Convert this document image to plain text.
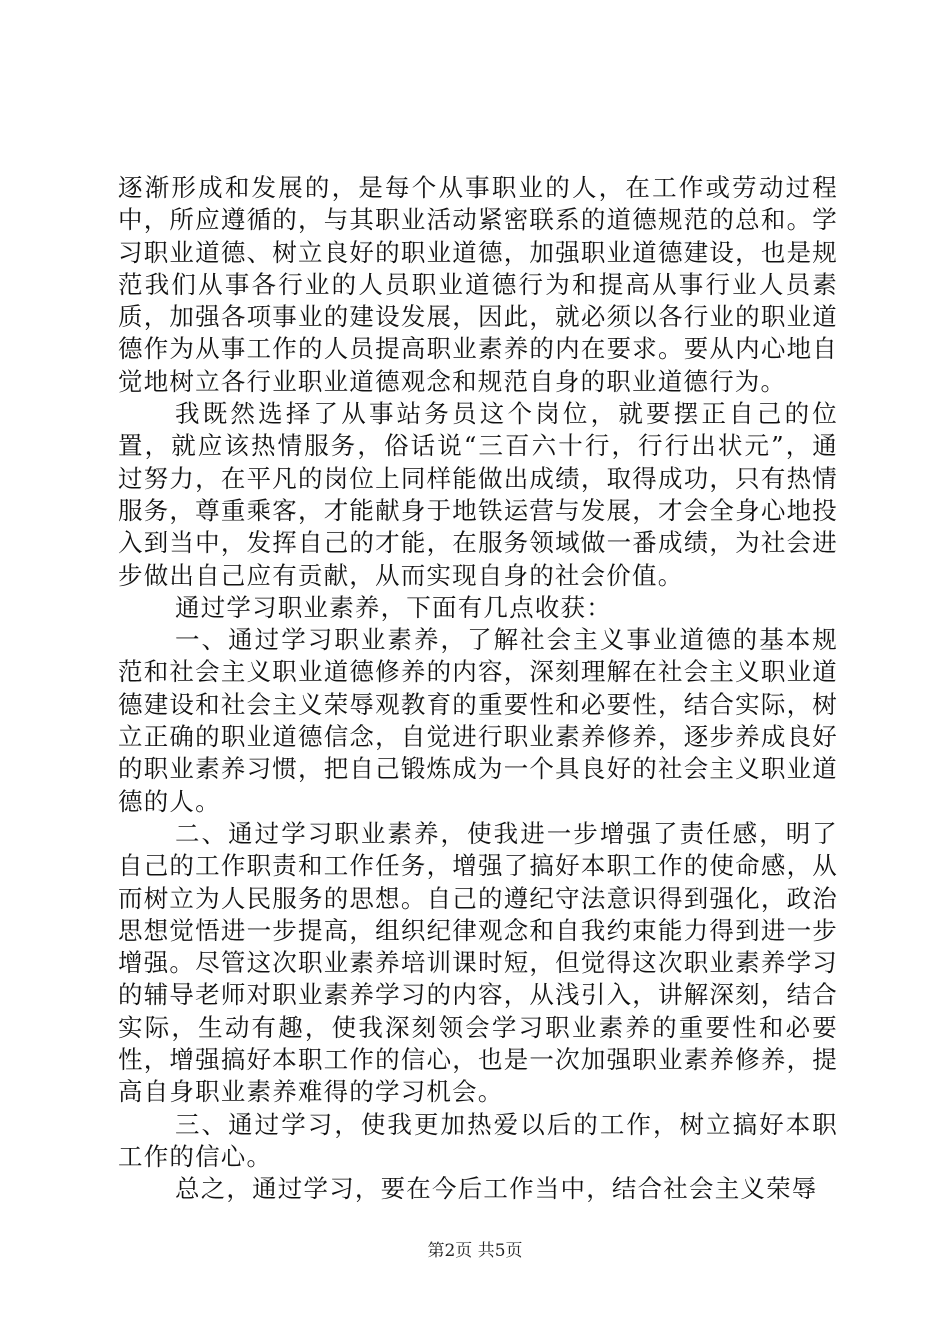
逐渐形成和发展的，是每个从事职业的人，在工作或劳动过程中，所应遵循的，与其职业活动紧密联系的道德规范的总和。学习职业道德、树立良好的职业道德，加强职业道德建设，也是规范我们从事各行业的人员职业道德行为和提高从事行业人员素质，加强各项事业的建设发展，因此，就必须以各行业的职业道德作为从事工作的人员提高职业素养的内在要求。要从内心地自觉地树立各行业职业道德观念和规范自身的职业道德行为。

我既然选择了从事站务员这个岗位，就要摆正自己的位置，就应该热情服务，俗话说“三百六十行，行行出状元”，通过努力，在平凡的岗位上同样能做出成绩，取得成功，只有热情服务，尊重乘客，才能献身于地铁运营与发展，才会全身心地投入到当中，发挥自己的才能，在服务领域做一番成绩，为社会进步做出自己应有贡献，从而实现自身的社会价值。

通过学习职业素养，下面有几点收获：

一、通过学习职业素养，了解社会主义事业道德的基本规范和社会主义职业道德修养的内容，深刻理解在社会主义职业道德建设和社会主义荣辱观教育的重要性和必要性，结合实际，树立正确的职业道德信念，自觉进行职业素养修养，逐步养成良好的职业素养习惯，把自己锻炼成为一个具良好的社会主义职业道德的人。

二、通过学习职业素养，使我进一步增强了责任感，明了自己的工作职责和工作任务，增强了搞好本职工作的使命感，从而树立为人民服务的思想。自己的遵纪守法意识得到强化，政治思想觉悟进一步提高，组织纪律观念和自我约束能力得到进一步增强。尽管这次职业素养培训课时短，但觉得这次职业素养学习的辅导老师对职业素养学习的内容，从浅引入，讲解深刻，结合实际，生动有趣，使我深刻领会学习职业素养的重要性和必要性，增强搞好本职工作的信心，也是一次加强职业素养修养，提高自身职业素养难得的学习机会。

三、通过学习，使我更加热爱以后的工作，树立搞好本职工作的信心。

总之，通过学习，要在今后工作当中，结合社会主义荣辱

第2页 共5页
